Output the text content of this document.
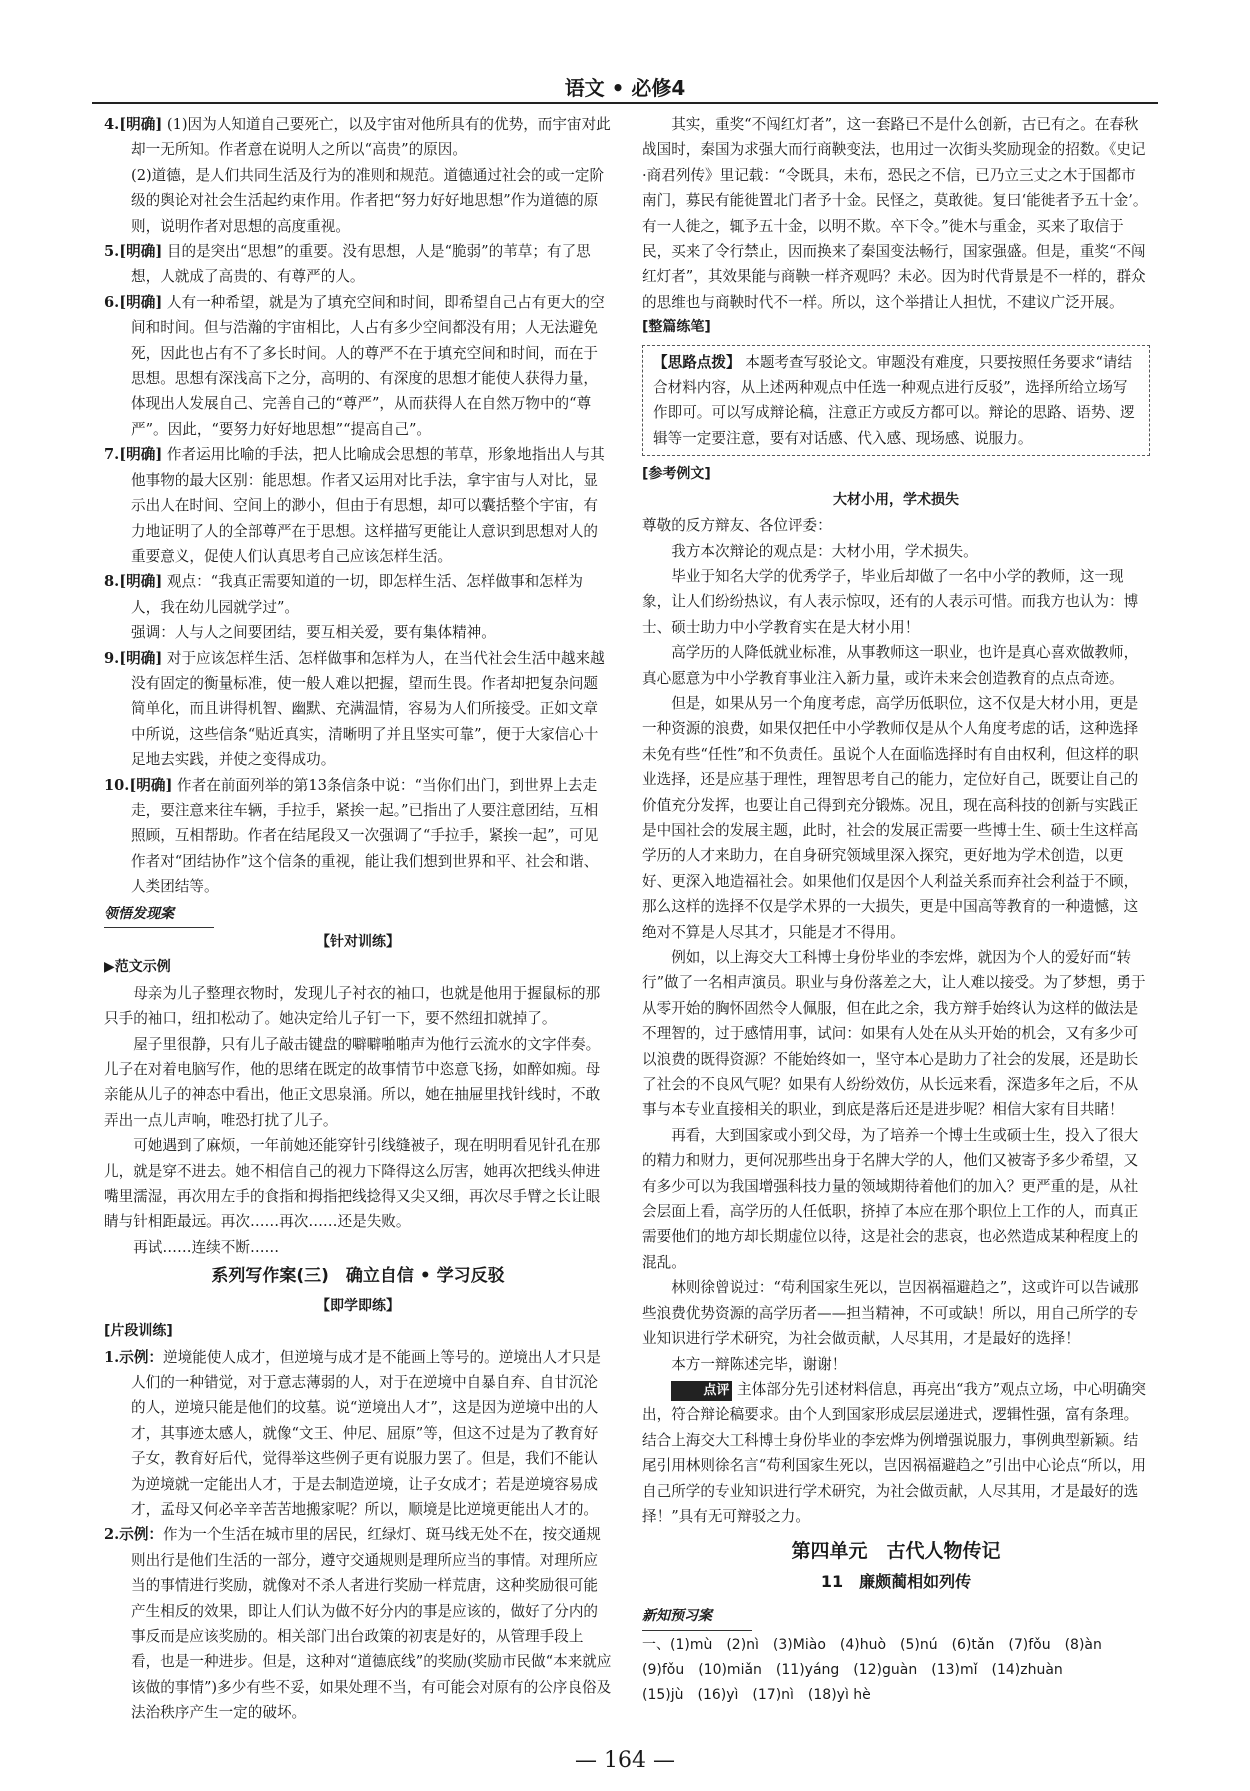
语文 • 必修4

4.[明确] (1)因为人知道自己要死亡，以及宇宙对他所具有的优势，而宇宙对此却一无所知。作者意在说明人之所以“高贵”的原因。

(2)道德，是人们共同生活及行为的准则和规范。道德通过社会的或一定阶级的舆论对社会生活起约束作用。作者把“努力好好地思想”作为道德的原则，说明作者对思想的高度重视。

5.[明确] 目的是突出“思想”的重要。没有思想，人是“脆弱”的苇草；有了思想，人就成了高贵的、有尊严的人。

6.[明确] 人有一种希望，就是为了填充空间和时间，即希望自己占有更大的空间和时间。但与浩瀚的宇宙相比，人占有多少空间都没有用；人无法避免死，因此也占有不了多长时间。人的尊严不在于填充空间和时间，而在于思想。思想有深浅高下之分，高明的、有深度的思想才能使人获得力量，体现出人发展自己、完善自己的“尊严”，从而获得人在自然万物中的“尊严”。因此，“要努力好好地思想”“提高自己”。

7.[明确] 作者运用比喻的手法，把人比喻成会思想的苇草，形象地指出人与其他事物的最大区别：能思想。作者又运用对比手法，拿宇宙与人对比，显示出人在时间、空间上的渺小，但由于有思想，却可以囊括整个宇宙，有力地证明了人的全部尊严在于思想。这样描写更能让人意识到思想对人的重要意义，促使人们认真思考自己应该怎样生活。

8.[明确] 观点：“我真正需要知道的一切，即怎样生活、怎样做事和怎样为人，我在幼儿园就学过”。

强调：人与人之间要团结，要互相关爱，要有集体精神。

9.[明确] 对于应该怎样生活、怎样做事和怎样为人，在当代社会生活中越来越没有固定的衡量标准，使一般人难以把握，望而生畏。作者却把复杂问题简单化，而且讲得机智、幽默、充满温情，容易为人们所接受。正如文章中所说，这些信条“贴近真实，清晰明了并且坚实可靠”，便于大家信心十足地去实践，并使之变得成功。

10.[明确] 作者在前面列举的第13条信条中说：“当你们出门，到世界上去走走，要注意来往车辆，手拉手，紧挨一起。”已指出了人要注意团结，互相照顾，互相帮助。作者在结尾段又一次强调了“手拉手，紧挨一起”，可见作者对“团结协作”这个信条的重视，能让我们想到世界和平、社会和谐、人类团结等。

领悟发现案
【针对训练】
▶范文示例

母亲为儿子整理衣物时，发现儿子衬衣的袖口，也就是他用于握鼠标的那只手的袖口，纽扣松动了。她决定给儿子钉一下，要不然纽扣就掉了。

屋子里很静，只有儿子敲击键盘的噼噼啪啪声为他行云流水的文字伴奏。儿子在对着电脑写作，他的思绪在既定的故事情节中恣意飞扬，如醉如痴。母亲能从儿子的神态中看出，他正文思泉涌。所以，她在抽屉里找针线时，不敢弄出一点儿声响，唯恐打扰了儿子。

可她遇到了麻烦，一年前她还能穿针引线缝被子，现在明明看见针孔在那儿，就是穿不进去。她不相信自己的视力下降得这么厉害，她再次把线头伸进嘴里濡湿，再次用左手的食指和拇指把线捻得又尖又细，再次尽手臂之长让眼睛与针相距最远。再次……再次……还是失败。

再试……连续不断……

系列写作案(三)　确立自信 • 学习反驳
【即学即练】
[片段训练]

1.示例：逆境能使人成才，但逆境与成才是不能画上等号的。逆境出人才只是人们的一种错觉，对于意志薄弱的人，对于在逆境中自暴自弃、自甘沉沦的人，逆境只能是他们的坟墓。说“逆境出人才”，这是因为逆境中出的人才，其事迹太感人，就像“文王、仲尼、屈原”等，但这不过是为了教育好子女，教育好后代，觉得举这些例子更有说服力罢了。但是，我们不能认为逆境就一定能出人才，于是去制造逆境，让子女成才；若是逆境容易成才，孟母又何必辛辛苦苦地搬家呢？所以，顺境是比逆境更能出人才的。

2.示例：作为一个生活在城市里的居民，红绿灯、斑马线无处不在，按交通规则出行是他们生活的一部分，遵守交通规则是理所应当的事情。对理所应当的事情进行奖励，就像对不杀人者进行奖励一样荒唐，这种奖励很可能产生相反的效果，即让人们认为做不好分内的事是应该的，做好了分内的事反而是应该奖励的。相关部门出台政策的初衷是好的，从管理手段上看，也是一种进步。但是，这种对“道德底线”的奖励(奖励市民做“本来就应该做的事情”)多少有些不妥，如果处理不当，有可能会对原有的公序良俗及法治秩序产生一定的破坏。

其实，重奖“不闯红灯者”，这一套路已不是什么创新，古已有之。在春秋战国时，秦国为求强大而行商鞅变法，也用过一次街头奖励现金的招数。《史记·商君列传》里记载：“令既具，未布，恐民之不信，已乃立三丈之木于国都市南门，募民有能徙置北门者予十金。民怪之，莫敢徙。复曰‘能徙者予五十金’。有一人徙之，辄予五十金，以明不欺。卒下令。”徙木与重金，买来了取信于民，买来了令行禁止，因而换来了秦国变法畅行，国家强盛。但是，重奖“不闯红灯者”，其效果能与商鞅一样齐观吗？未必。因为时代背景是不一样的，群众的思维也与商鞅时代不一样。所以，这个举措让人担忧，不建议广泛开展。

[整篇练笔]
【思路点拨】 本题考查写驳论文。审题没有难度，只要按照任务要求“请结合材料内容，从上述两种观点中任选一种观点进行反驳”，选择所给立场写作即可。可以写成辩论稿，注意正方或反方都可以。辩论的思路、语势、逻辑等一定要注意，要有对话感、代入感、现场感、说服力。
[参考例文]
大材小用，学术损失

尊敬的反方辩友、各位评委：

我方本次辩论的观点是：大材小用，学术损失。

毕业于知名大学的优秀学子，毕业后却做了一名中小学的教师，这一现象，让人们纷纷热议，有人表示惊叹，还有的人表示可惜。而我方也认为：博士、硕士助力中小学教育实在是大材小用！

高学历的人降低就业标准，从事教师这一职业，也许是真心喜欢做教师，真心愿意为中小学教育事业注入新力量，或许未来会创造教育的点点奇迹。

但是，如果从另一个角度考虑，高学历低职位，这不仅是大材小用，更是一种资源的浪费，如果仅把任中小学教师仅是从个人角度考虑的话，这种选择未免有些“任性”和不负责任。虽说个人在面临选择时有自由权利，但这样的职业选择，还是应基于理性，理智思考自己的能力，定位好自己，既要让自己的价值充分发挥，也要让自己得到充分锻炼。况且，现在高科技的创新与实践正是中国社会的发展主题，此时，社会的发展正需要一些博士生、硕士生这样高学历的人才来助力，在自身研究领域里深入探究，更好地为学术创造，以更好、更深入地造福社会。如果他们仅是因个人利益关系而弃社会利益于不顾，那么这样的选择不仅是学术界的一大损失，更是中国高等教育的一种遗憾，这绝对不算是人尽其才，只能是才不得用。

例如，以上海交大工科博士身份毕业的李宏烨，就因为个人的爱好而“转行”做了一名相声演员。职业与身份落差之大，让人难以接受。为了梦想，勇于从零开始的胸怀固然令人佩服，但在此之余，我方辩手始终认为这样的做法是不理智的，过于感情用事，试问：如果有人处在从头开始的机会，又有多少可以浪费的既得资源？不能始终如一，坚守本心是助力了社会的发展，还是助长了社会的不良风气呢？如果有人纷纷效仿，从长远来看，深造多年之后，不从事与本专业直接相关的职业，到底是落后还是进步呢？相信大家有目共睹！

再看，大到国家或小到父母，为了培养一个博士生或硕士生，投入了很大的精力和财力，更何况那些出身于名牌大学的人，他们又被寄予多少希望，又有多少可以为我国增强科技力量的领域期待着他们的加入？更严重的是，从社会层面上看，高学历的人任低职，挤掉了本应在那个职位上工作的人，而真正需要他们的地方却长期虚位以待，这是社会的悲哀，也必然造成某种程度上的混乱。

林则徐曾说过：“苟利国家生死以，岂因祸福避趋之”，这或许可以告诫那些浪费优势资源的高学历者——担当精神，不可或缺！所以，用自己所学的专业知识进行学术研究，为社会做贡献，人尽其用，才是最好的选择！

本方一辩陈述完毕，谢谢！

点评 主体部分先引述材料信息，再亮出“我方”观点立场，中心明确突出，符合辩论稿要求。由个人到国家形成层层递进式，逻辑性强，富有条理。结合上海交大工科博士身份毕业的李宏烨为例增强说服力，事例典型新颖。结尾引用林则徐名言“苟利国家生死以，岂因祸福避趋之”引出中心论点“所以，用自己所学的专业知识进行学术研究，为社会做贡献，人尽其用，才是最好的选择！”具有无可辩驳之力。

第四单元　古代人物传记
11　廉颇蔺相如列传
新知预习案
一、(1)mù　(2)nì　(3)Miào　(4)huò　(5)nú　(6)tǎn　(7)fǒu　(8)àn
(9)fǒu　(10)miǎn　(11)yáng　(12)guàn　(13)mǐ　(14)zhuàn
(15)jù　(16)yì　(17)nì　(18)yì hè
— 164 —
